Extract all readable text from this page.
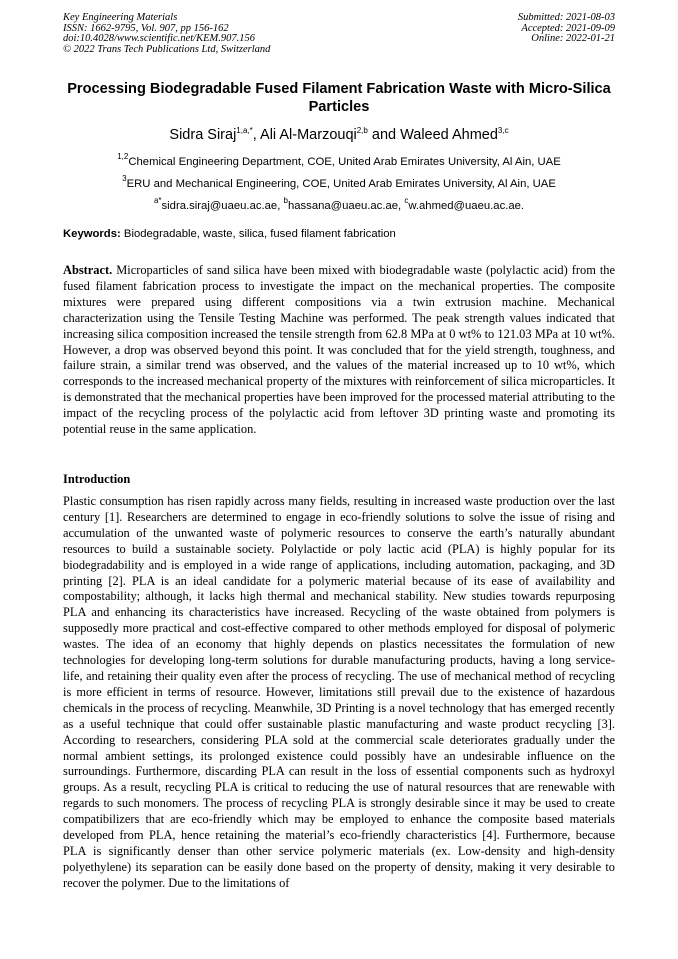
Key Engineering Materials
ISSN: 1662-9795, Vol. 907, pp 156-162
doi:10.4028/www.scientific.net/KEM.907.156
© 2022 Trans Tech Publications Ltd, Switzerland
Submitted: 2021-08-03
Accepted: 2021-09-09
Online: 2022-01-21
Processing Biodegradable Fused Filament Fabrication Waste with Micro-Silica Particles
Sidra Siraj$^{1,a,*}$, Ali Al-Marzouqi$^{2,b}$ and Waleed Ahmed$^{3,c}$
$^{1,2}$Chemical Engineering Department, COE, United Arab Emirates University, Al Ain, UAE
$^3$ERU and Mechanical Engineering, COE, United Arab Emirates University, Al Ain, UAE
$^{a*}$sidra.siraj@uaeu.ac.ae, $^b$hassana@uaeu.ac.ae, $^c$w.ahmed@uaeu.ac.ae.
Keywords: Biodegradable, waste, silica, fused filament fabrication
Abstract. Microparticles of sand silica have been mixed with biodegradable waste (polylactic acid) from the fused filament fabrication process to investigate the impact on the mechanical properties. The composite mixtures were prepared using different compositions via a twin extrusion machine. Mechanical characterization using the Tensile Testing Machine was performed. The peak strength values indicated that increasing silica composition increased the tensile strength from 62.8 MPa at 0 wt% to 121.03 MPa at 10 wt%. However, a drop was observed beyond this point. It was concluded that for the yield strength, toughness, and failure strain, a similar trend was observed, and the values of the material increased up to 10 wt%, which corresponds to the increased mechanical property of the mixtures with reinforcement of silica microparticles. It is demonstrated that the mechanical properties have been improved for the processed material attributing to the impact of the recycling process of the polylactic acid from leftover 3D printing waste and promoting its potential reuse in the same application.
Introduction
Plastic consumption has risen rapidly across many fields, resulting in increased waste production over the last century [1]. Researchers are determined to engage in eco-friendly solutions to solve the issue of rising and accumulation of the unwanted waste of polymeric resources to conserve the earth’s naturally abundant resources to build a sustainable society. Polylactide or poly lactic acid (PLA) is highly popular for its biodegradability and is employed in a wide range of applications, including automation, packaging, and 3D printing [2]. PLA is an ideal candidate for a polymeric material because of its ease of availability and compostability; although, it lacks high thermal and mechanical stability. New studies towards repurposing PLA and enhancing its characteristics have increased. Recycling of the waste obtained from polymers is supposedly more practical and cost-effective compared to other methods employed for disposal of polymeric wastes. The idea of an economy that highly depends on plastics necessitates the formulation of new technologies for developing long-term solutions for durable manufacturing products, having a long service-life, and retaining their quality even after the process of recycling. The use of mechanical method of recycling is more efficient in terms of resource. However, limitations still prevail due to the existence of hazardous chemicals in the process of recycling. Meanwhile, 3D Printing is a novel technology that has emerged recently as a useful technique that could offer sustainable plastic manufacturing and waste product recycling [3]. According to researchers, considering PLA sold at the commercial scale deteriorates gradually under the normal ambient settings, its prolonged existence could possibly have an undesirable influence on the surroundings. Furthermore, discarding PLA can result in the loss of essential components such as hydroxyl groups. As a result, recycling PLA is critical to reducing the use of natural resources that are renewable with regards to such monomers. The process of recycling PLA is strongly desirable since it may be used to create compatibilizers that are eco-friendly which may be employed to enhance the composite based materials developed from PLA, hence retaining the material’s eco-friendly characteristics [4]. Furthermore, because PLA is significantly denser than other service polymeric materials (ex. Low-density and high-density polyethylene) its separation can be easily done based on the property of density, making it very desirable to recover the polymer. Due to the limitations of
